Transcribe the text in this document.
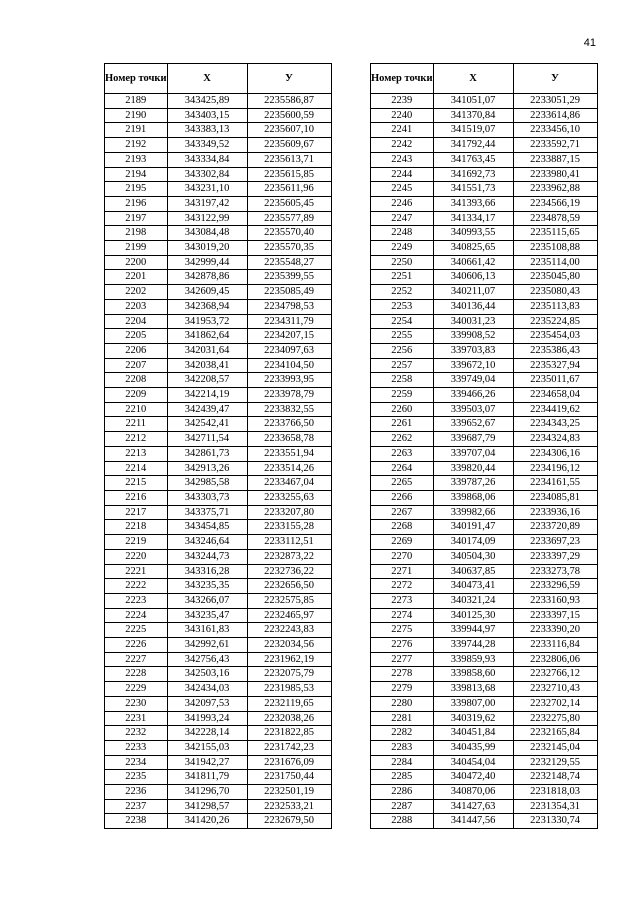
41
Номер точки	X	У
2189	343425,89	2235586,87
2190	343403,15	2235600,59
2191	343383,13	2235607,10
2192	343349,52	2235609,67
2193	343334,84	2235613,71
2194	343302,84	2235615,85
2195	343231,10	2235611,96
2196	343197,42	2235605,45
2197	343122,99	2235577,89
2198	343084,48	2235570,40
2199	343019,20	2235570,35
2200	342999,44	2235548,27
2201	342878,86	2235399,55
2202	342609,45	2235085,49
2203	342368,94	2234798,53
2204	341953,72	2234311,79
2205	341862,64	2234207,15
2206	342031,64	2234097,63
2207	342038,41	2234104,50
2208	342208,57	2233993,95
2209	342214,19	2233978,79
2210	342439,47	2233832,55
2211	342542,41	2233766,50
2212	342711,54	2233658,78
2213	342861,73	2233551,94
2214	342913,26	2233514,26
2215	342985,58	2233467,04
2216	343303,73	2233255,63
2217	343375,71	2233207,80
2218	343454,85	2233155,28
2219	343246,64	2233112,51
2220	343244,73	2232873,22
2221	343316,28	2232736,22
2222	343235,35	2232656,50
2223	343266,07	2232575,85
2224	343235,47	2232465,97
2225	343161,83	2232243,83
2226	342992,61	2232034,56
2227	342756,43	2231962,19
2228	342503,16	2232075,79
2229	342434,03	2231985,53
2230	342097,53	2232119,65
2231	341993,24	2232038,26
2232	342228,14	2231822,85
2233	342155,03	2231742,23
2234	341942,27	2231676,09
2235	341811,79	2231750,44
2236	341296,70	2232501,19
2237	341298,57	2232533,21
2238	341420,26	2232679,50
Номер точки	X	У
2239	341051,07	2233051,29
2240	341370,84	2233614,86
2241	341519,07	2233456,10
2242	341792,44	2233592,71
2243	341763,45	2233887,15
2244	341692,73	2233980,41
2245	341551,73	2233962,88
2246	341393,66	2234566,19
2247	341334,17	2234878,59
2248	340993,55	2235115,65
2249	340825,65	2235108,88
2250	340661,42	2235114,00
2251	340606,13	2235045,80
2252	340211,07	2235080,43
2253	340136,44	2235113,83
2254	340031,23	2235224,85
2255	339908,52	2235454,03
2256	339703,83	2235386,43
2257	339672,10	2235327,94
2258	339749,04	2235011,67
2259	339466,26	2234658,04
2260	339503,07	2234419,62
2261	339652,67	2234343,25
2262	339687,79	2234324,83
2263	339707,04	2234306,16
2264	339820,44	2234196,12
2265	339787,26	2234161,55
2266	339868,06	2234085,81
2267	339982,66	2233936,16
2268	340191,47	2233720,89
2269	340174,09	2233697,23
2270	340504,30	2233397,29
2271	340637,85	2233273,78
2272	340473,41	2233296,59
2273	340321,24	2233160,93
2274	340125,30	2233397,15
2275	339944,97	2233390,20
2276	339744,28	2233116,84
2277	339859,93	2232806,06
2278	339858,60	2232766,12
2279	339813,68	2232710,43
2280	339807,00	2232702,14
2281	340319,62	2232275,80
2282	340451,84	2232165,84
2283	340435,99	2232145,04
2284	340454,04	2232129,55
2285	340472,40	2232148,74
2286	340870,06	2231818,03
2287	341427,63	2231354,31
2288	341447,56	2231330,74
